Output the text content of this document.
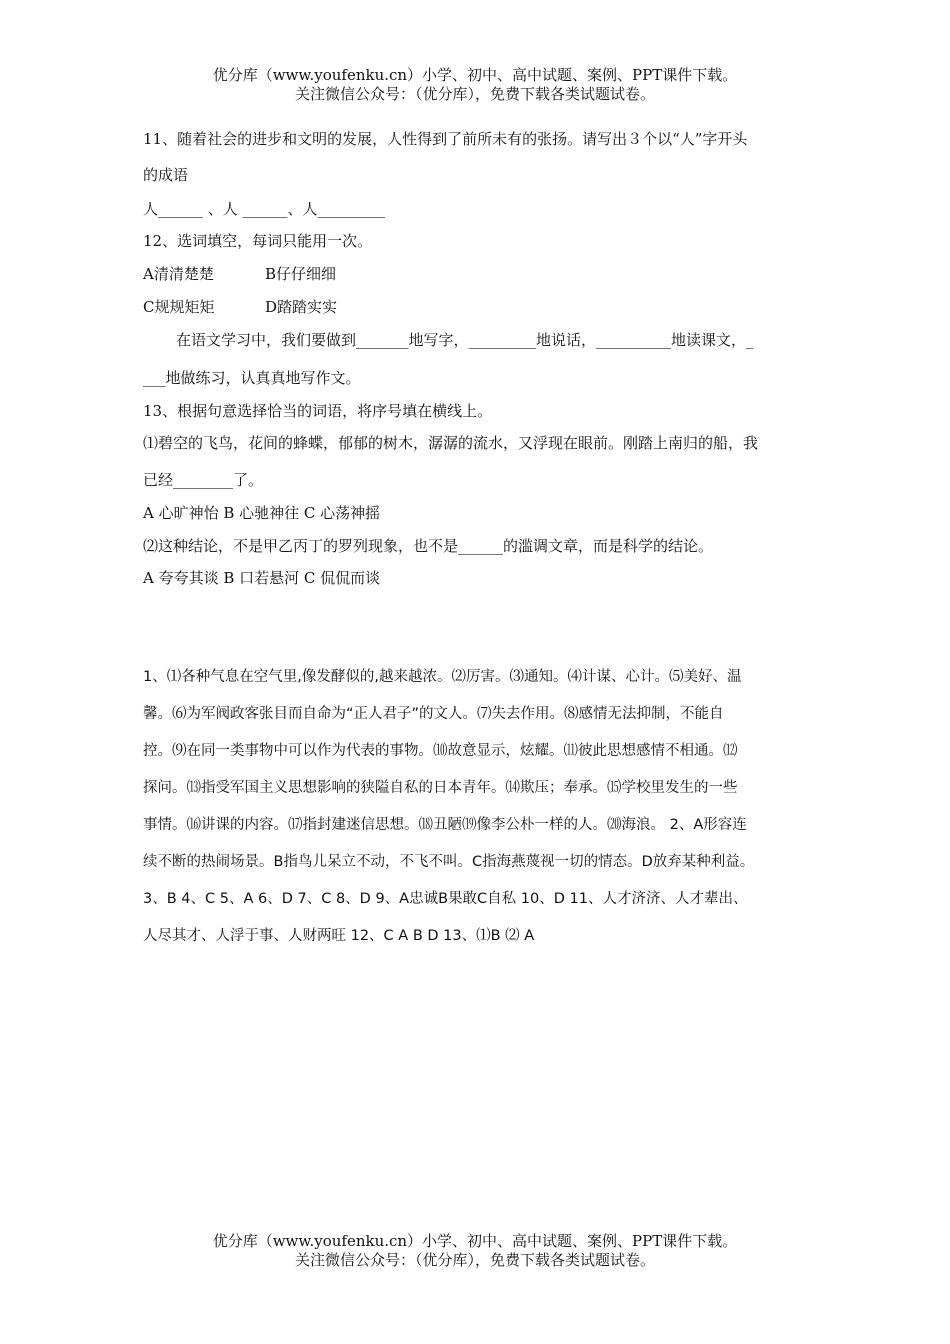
优分库（www.youfenku.cn）小学、初中、高中试题、案例、PPT课件下载。
关注微信公众号：（优分库），免费下载各类试题试卷。
11、随着社会的进步和文明的发展，人性得到了前所未有的张扬。请写出３个以“人”字开头
的成语
人______ 、人 ______、人_________
12、选词填空，每词只能用一次。
A清清楚楚	B仔仔细细
C规规矩矩	D踏踏实实
在语文学习中，我们要做到_______地写字，_________地说话，__________地读课文，_
___地做练习，认真真地写作文。
13、根据句意选择恰当的词语，将序号填在横线上。
⑴碧空的飞鸟，花间的蜂蝶，郁郁的树木，潺潺的流水，又浮现在眼前。刚踏上南归的船，我
已经________了。
A 心旷神怡 B 心驰神往 C 心荡神摇
⑵这种结论，不是甲乙丙丁的罗列现象，也不是______的滥调文章，而是科学的结论。
A 夸夸其谈 B 口若悬河 C 侃侃而谈
1、⑴各种气息在空气里,像发酵似的,越来越浓。⑵厉害。⑶通知。⑷计谋、心计。⑸美好、温
馨。⑹为军阀政客张目而自命为“正人君子”的文人。⑺失去作用。⑻感情无法抑制，不能自
控。⑼在同一类事物中可以作为代表的事物。⑽故意显示，炫耀。⑾彼此思想感情不相通。⑿
探问。⒀指受军国主义思想影响的狭隘自私的日本青年。⒁欺压；奉承。⒂学校里发生的一些
事情。⒃讲课的内容。⒄指封建迷信思想。⒅丑陋⒆像李公朴一样的人。⒇海浪。 2、A形容连
续不断的热闹场景。B指鸟儿呆立不动，不飞不叫。C指海燕蔑视一切的情态。D放弃某种利益。
3、B 4、C 5、A 6、D 7、C 8、D 9、A忠诚B果敢C自私 10、D 11、人才济济、人才辈出、
人尽其才、人浮于事、人财两旺 12、C A B D 13、⑴B ⑵ A
优分库（www.youfenku.cn）小学、初中、高中试题、案例、PPT课件下载。
关注微信公众号：（优分库），免费下载各类试题试卷。
